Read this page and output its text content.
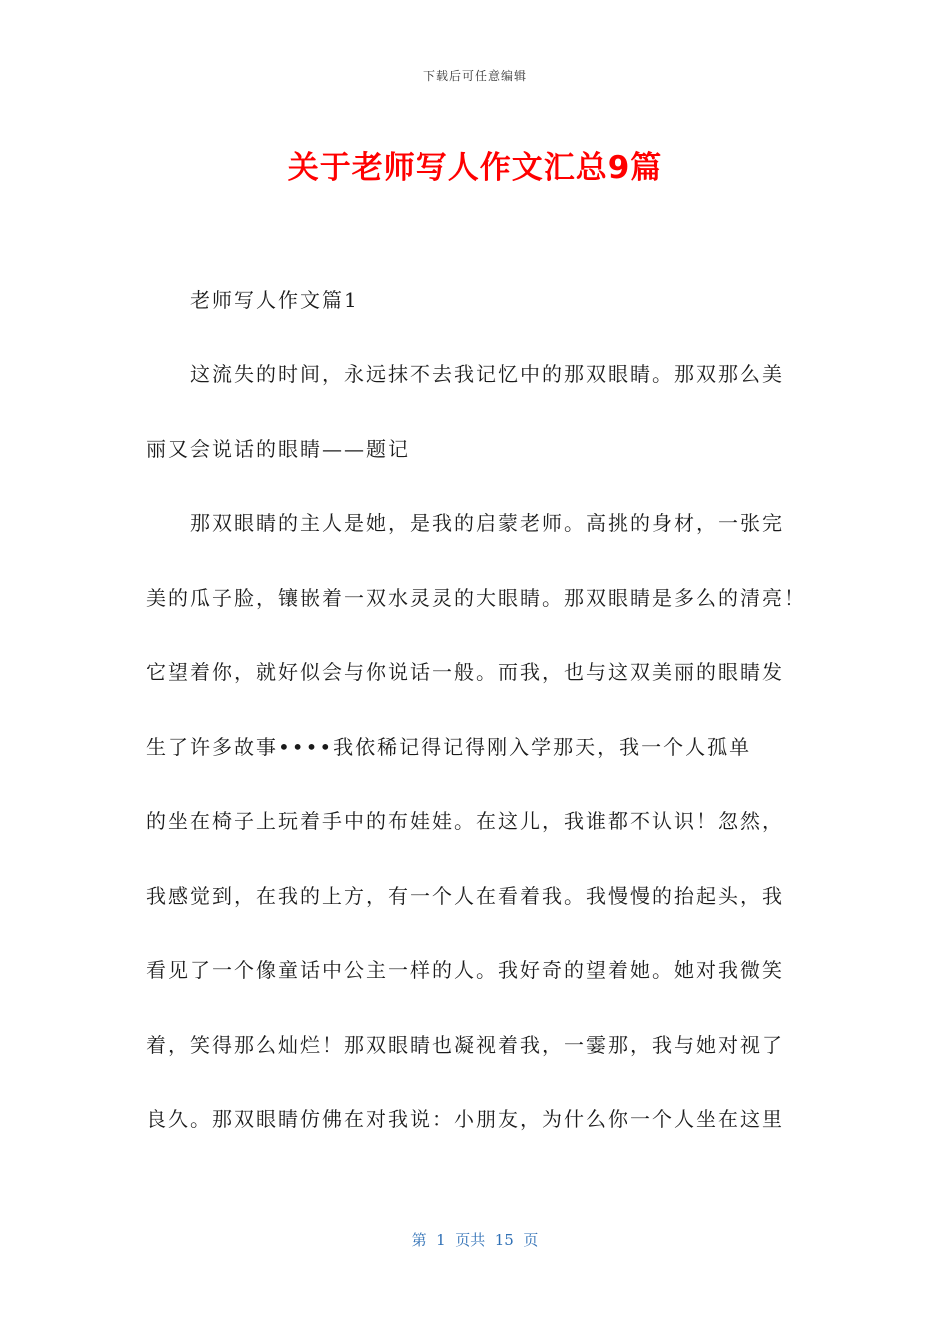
下载后可任意编辑
关于老师写人作文汇总9篇
老师写人作文篇1
这流失的时间，永远抹不去我记忆中的那双眼睛。那双那么美
丽又会说话的眼睛——题记
那双眼睛的主人是她，是我的启蒙老师。高挑的身材，一张完
美的瓜子脸，镶嵌着一双水灵灵的大眼睛。那双眼睛是多么的清亮！
它望着你，就好似会与你说话一般。而我，也与这双美丽的眼睛发
生了许多故事••••我依稀记得记得刚入学那天，我一个人孤单
的坐在椅子上玩着手中的布娃娃。在这儿，我谁都不认识！忽然，
我感觉到，在我的上方，有一个人在看着我。我慢慢的抬起头，我
看见了一个像童话中公主一样的人。我好奇的望着她。她对我微笑
着，笑得那么灿烂！那双眼睛也凝视着我，一霎那，我与她对视了
良久。那双眼睛仿佛在对我说：小朋友，为什么你一个人坐在这里
第  1  页共  15  页
